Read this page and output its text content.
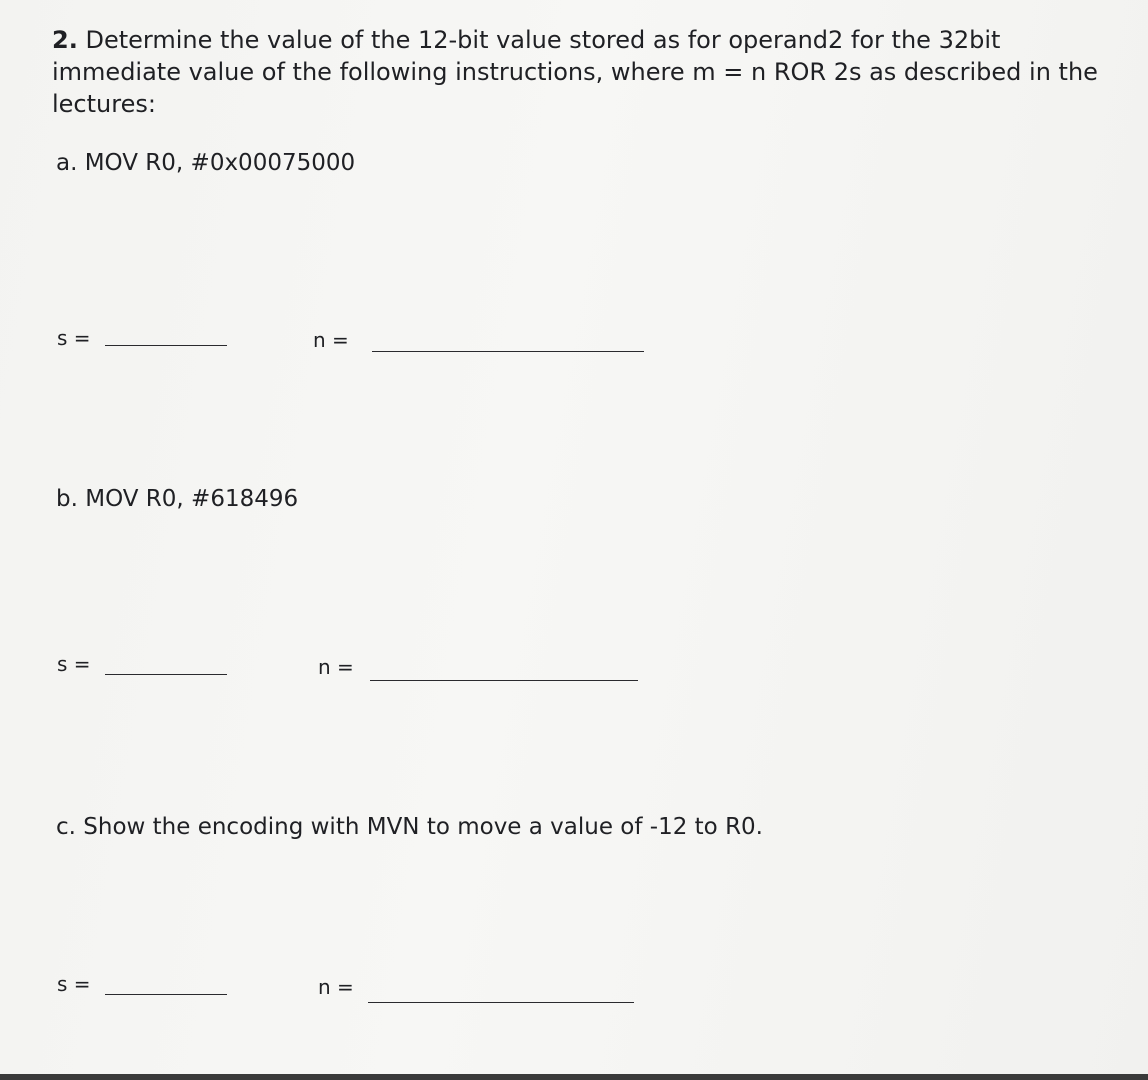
2. Determine the value of the 12-bit value stored as for operand2 for the 32bit immediate value of the following instructions, where m = n ROR 2s as described in the lectures:

a. MOV R0, #0x00075000

s =	n =

b. MOV R0, #618496

s =	n =

c. Show the encoding with MVN to move a value of -12 to R0.

s =	n =
